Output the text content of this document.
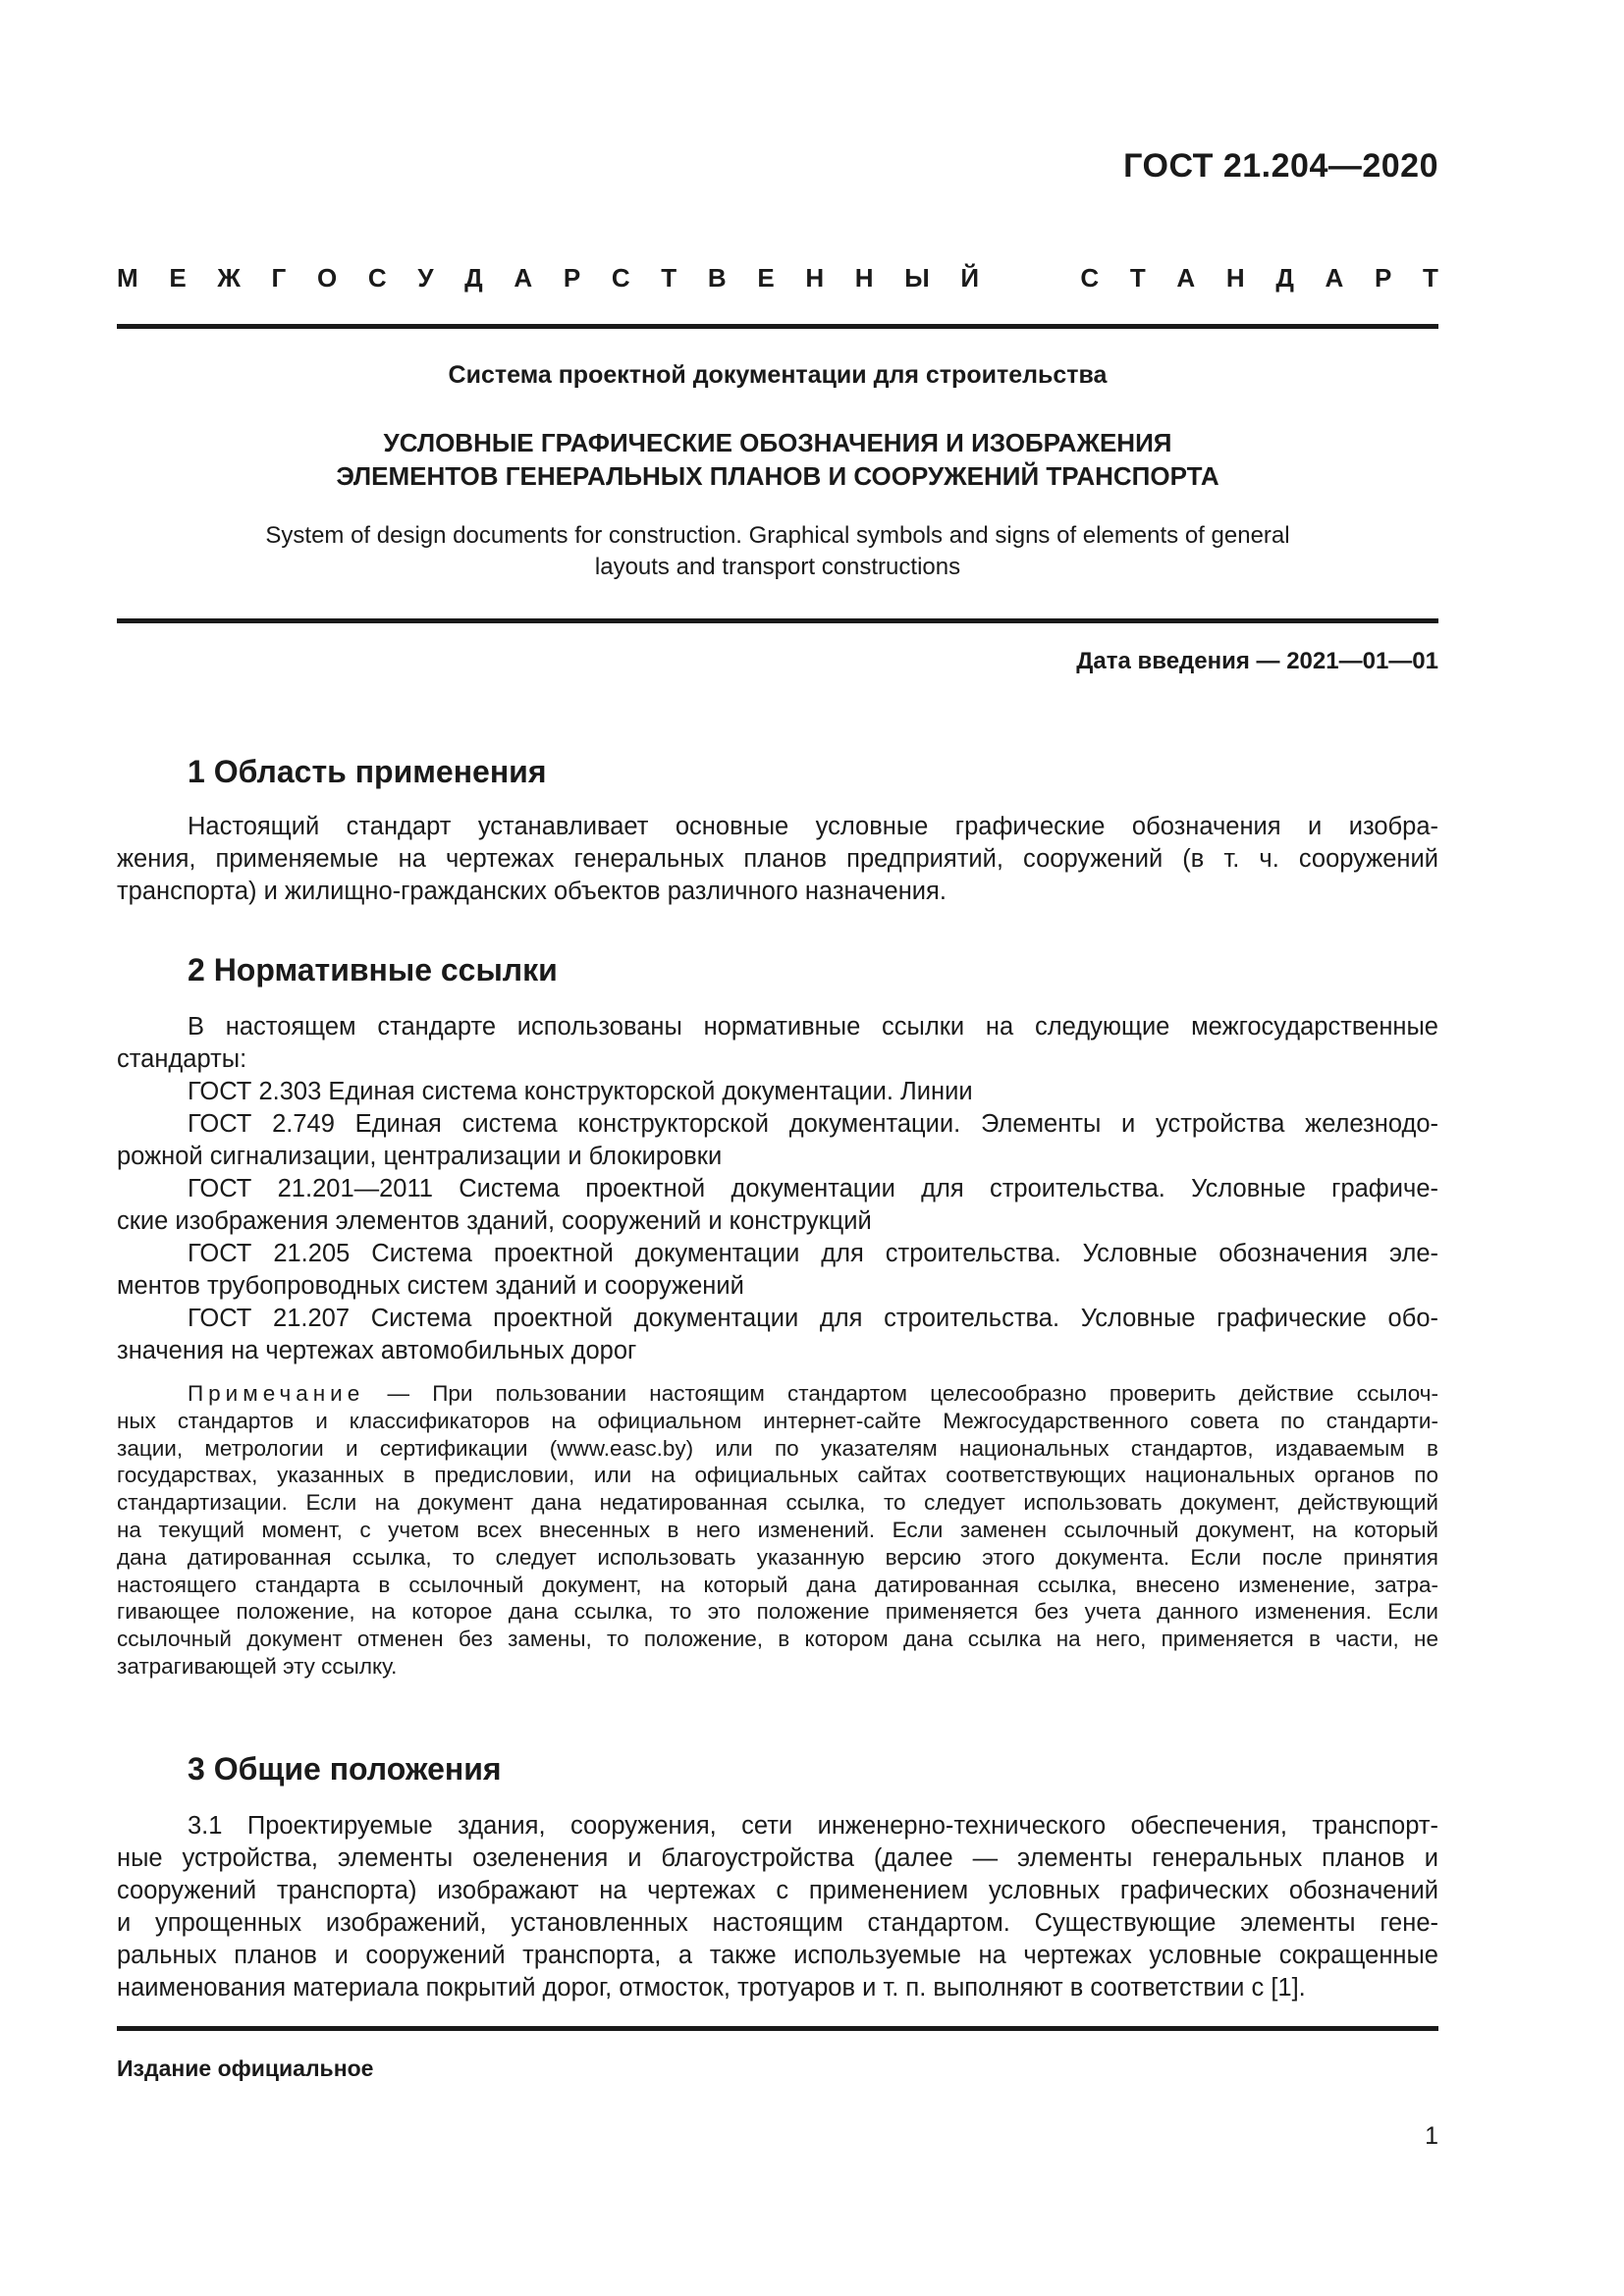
ГОСТ 21.204—2020
М Е Ж Г О С У Д А Р С Т В Е Н Н Ы Й	С Т А Н Д А Р Т
Система проектной документации для строительства
УСЛОВНЫЕ ГРАФИЧЕСКИЕ ОБОЗНАЧЕНИЯ И ИЗОБРАЖЕНИЯ
ЭЛЕМЕНТОВ ГЕНЕРАЛЬНЫХ ПЛАНОВ И СООРУЖЕНИЙ ТРАНСПОРТА
System of design documents for construction. Graphical symbols and signs of elements of general
layouts and transport constructions
Дата введения — 2021—01—01
1 Область применения
Настоящий стандарт устанавливает основные условные графические обозначения и изобра-
жения, применяемые на чертежах генеральных планов предприятий, сооружений (в т. ч. сооружений
транспорта) и жилищно-гражданских объектов различного назначения.
2 Нормативные ссылки
В настоящем стандарте использованы нормативные ссылки на следующие межгосударственные
стандарты:
ГОСТ 2.303 Единая система конструкторской документации. Линии
ГОСТ 2.749 Единая система конструкторской документации. Элементы и устройства железнодо-
рожной сигнализации, централизации и блокировки
ГОСТ 21.201—2011 Система проектной документации для строительства. Условные графиче-
ские изображения элементов зданий, сооружений и конструкций
ГОСТ 21.205 Система проектной документации для строительства. Условные обозначения эле-
ментов трубопроводных систем зданий и сооружений
ГОСТ 21.207 Система проектной документации для строительства. Условные графические обо-
значения на чертежах автомобильных дорог
Примечание — При пользовании настоящим стандартом целесообразно проверить действие ссылоч-
ных стандартов и классификаторов на официальном интернет-сайте Межгосударственного совета по стандарти-
зации, метрологии и сертификации (www.easc.by) или по указателям национальных стандартов, издаваемым в
государствах, указанных в предисловии, или на официальных сайтах соответствующих национальных органов по
стандартизации. Если на документ дана недатированная ссылка, то следует использовать документ, действующий
на текущий момент, с учетом всех внесенных в него изменений. Если заменен ссылочный документ, на который
дана датированная ссылка, то следует использовать указанную версию этого документа. Если после принятия
настоящего стандарта в ссылочный документ, на который дана датированная ссылка, внесено изменение, затра-
гивающее положение, на которое дана ссылка, то это положение применяется без учета данного изменения. Если
ссылочный документ отменен без замены, то положение, в котором дана ссылка на него, применяется в части, не
затрагивающей эту ссылку.
3 Общие положения
3.1 Проектируемые здания, сооружения, сети инженерно-технического обеспечения, транспорт-
ные устройства, элементы озеленения и благоустройства (далее — элементы генеральных планов и
сооружений транспорта) изображают на чертежах с применением условных графических обозначений
и упрощенных изображений, установленных настоящим стандартом. Существующие элементы гене-
ральных планов и сооружений транспорта, а также используемые на чертежах условные сокращенные
наименования материала покрытий дорог, отмосток, тротуаров и т. п. выполняют в соответствии с [1].
Издание официальное
1
